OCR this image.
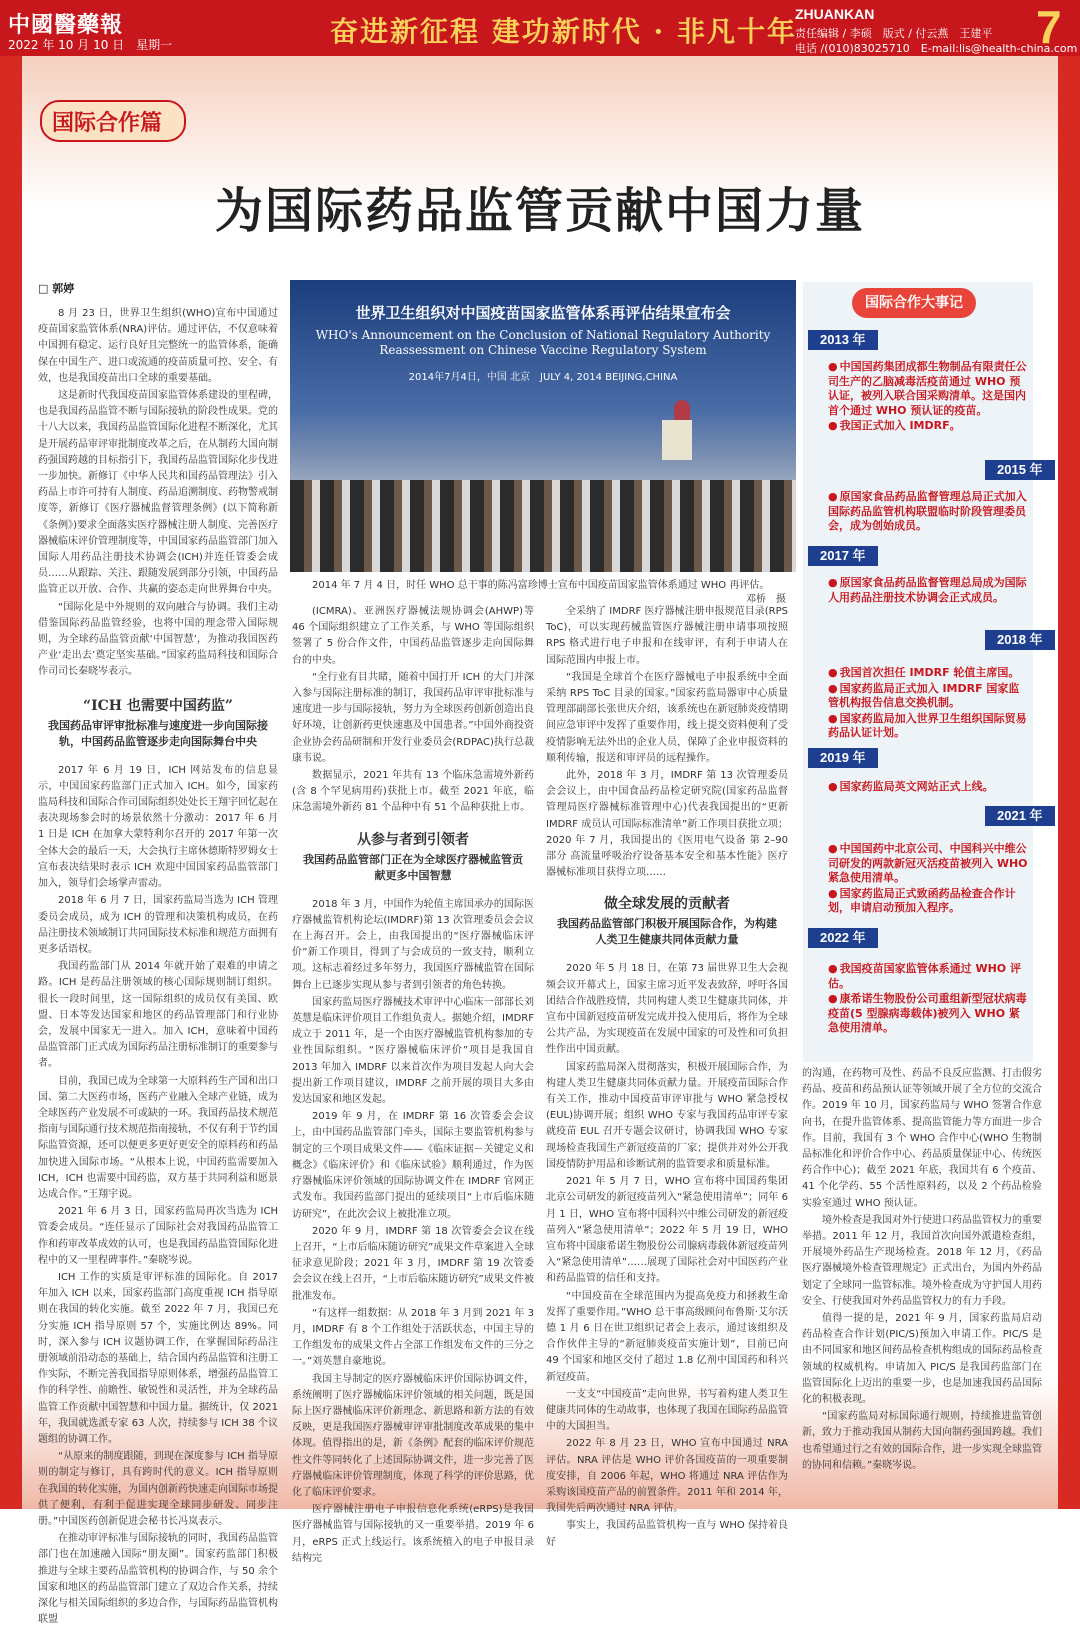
中國醫藥報
2022 年 10 月 10 日　星期一	奋进新征程 建功新时代 · 非凡十年
ZHUANKAN
责任编辑 / 李硕　版式 / 付云燕　王建平
电话 /(010)83025710　E-mail:lis@health-china.com
7
国际合作篇
为国际药品监管贡献中国力量
□ 郭婷

8 月 23 日，世界卫生组织(WHO)宣布中国通过疫苗国家监管体系(NRA)评估。通过评估，不仅意味着中国拥有稳定、运行良好且完整统一的监管体系，能确保在中国生产、进口或流通的疫苗质量可控、安全、有效，也是我国疫苗出口全球的重要基础。

这是新时代我国疫苗国家监管体系建设的里程碑，也是我国药品监管不断与国际接轨的阶段性成果。党的十八大以来，我国药品监管国际化进程不断深化，尤其是开展药品审评审批制度改革之后，在从制药大国向制药强国跨越的目标指引下，我国药品监管国际化步伐进一步加快。新修订《中华人民共和国药品管理法》引入药品上市许可持有人制度、药品追溯制度、药物警戒制度等，新修订《医疗器械监督管理条例》(以下简称新《条例》)要求全面落实医疗器械注册人制度、完善医疗器械临床评价管理制度等，中国国家药品监管部门加入国际人用药品注册技术协调会(ICH)并连任管委会成员……从跟踪、关注、跟随发展到部分引领，中国药品监管正以开放、合作、共赢的姿态走向世界舞台中央。

“国际化是中外规则的双向融合与协调。我们主动借鉴国际药品监管经验，也将中国的理念带入国际规则，为全球药品监管贡献‘中国智慧’，为推动我国医药产业‘走出去’奠定坚实基础。”国家药监局科技和国际合作司司长秦晓岑表示。

“ICH 也需要中国药监”
我国药品审评审批标准与速度进一步向国际接轨，中国药品监管逐步走向国际舞台中央

2017 年 6 月 19 日，ICH 网站发布的信息显示，中国国家药监部门正式加入 ICH。如今，国家药监局科技和国际合作司国际组织处处长王翔宇回忆起在表决现场参会时的场景依然十分激动：2017 年 6 月 1 日是 ICH 在加拿大蒙特利尔召开的 2017 年第一次全体大会的最后一天，大会执行主席休德斯特罗姆女士宣布表决结果时表示 ICH 欢迎中国国家药品监管部门加入，领导们会场掌声雷动。

2018 年 6 月 7 日，国家药监局当选为 ICH 管理委员会成员，成为 ICH 的管理和决策机构成员，在药品注册技术领域制订共同国际技术标准和规范方面拥有更多话语权。

我国药监部门从 2014 年就开始了艰难的申请之路。ICH 是药品注册领域的核心国际规则制订组织。很长一段时间里，这一国际组织的成员仅有美国、欧盟、日本等发达国家和地区的药品管理部门和行业协会，发展中国家无一进入。加入 ICH，意味着中国药品监管部门正式成为国际药品注册标准制订的重要参与者。

目前，我国已成为全球第一大原料药生产国和出口国、第二大医药市场，医药产业融入全球产业链，成为全球医药产业发展不可或缺的一环。我国药品技术规范指南与国际通行技术规范指南接轨，不仅有利于节约国际监管资源，还可以便更多更好更安全的原料药和药品加快进入国际市场。“从根本上说，中国药监需要加入 ICH，ICH 也需要中国药监，双方基于共同利益和愿景达成合作。”王翔宇说。

2021 年 6 月 3 日，国家药监局再次当选为 ICH 管委会成员。“连任显示了国际社会对我国药品监管工作和药审改革成效的认可，也是我国药品监管国际化进程中的又一里程碑事件。”秦晓岑说。

ICH 工作的实质是审评标准的国际化。自 2017 年加入 ICH 以来，国家药监部门高度重视 ICH 指导原则在我国的转化实施。截至 2022 年 7 月，我国已充分实施 ICH 指导原则 57 个，实施比例达 89%。同时，深入参与 ICH 议题协调工作，在掌握国际药品注册领域前沿动态的基础上，结合国内药品监管和注册工作实际，不断完善我国指导原则体系，增强药品监管工作的科学性、前瞻性、敏锐性和灵活性，并为全球药品监管工作贡献中国智慧和中国力量。据统计，仅 2021 年，我国就选派专家 63 人次，持续参与 ICH 38 个议题组的协调工作。

“从原来的制度跟随，到现在深度参与 ICH 指导原则的制定与修订，具有跨时代的意义。ICH 指导原则在我国的转化实施，为国内创新药快速走向国际市场提供了便利，有利于促进实现全球同步研发、同步注册。”中国医药创新促进会秘书长冯岚表示。

在推动审评标准与国际接轨的同时，我国药品监管部门也在加速融入国际“朋友圈”。国家药监部门积极推进与全球主要药品监管机构的协调合作，与 50 余个国家和地区的药品监管部门建立了双边合作关系，持续深化与相关国际组织的多边合作，与国际药品监管机构联盟

世界卫生组织对中国疫苗国家监管体系再评估结果宣布会
WHO's Announcement on the Conclusion of National Regulatory Authority Reassessment on Chinese Vaccine Regulatory System
2014年7月4日，中国 北京　JULY 4, 2014 BEIJING,CHINA
2014 年 7 月 4 日，时任 WHO 总干事的陈冯富珍博士宣布中国疫苗国家监管体系通过 WHO 再评估。
邓桥　摄

(ICMRA)、亚洲医疗器械法规协调会(AHWP)等 46 个国际组织建立了工作关系，与 WHO 等国际组织签署了 5 份合作文件，中国药品监管逐步走向国际舞台的中央。

“全行业有目共睹，随着中国打开 ICH 的大门并深入参与国际注册标准的制订，我国药品审评审批标准与速度进一步与国际接轨，努力为全球医药创新创造出良好环境，让创新药更快速惠及中国患者。”中国外商投资企业协会药品研制和开发行业委员会(RDPAC)执行总裁康韦说。

数据显示，2021 年共有 13 个临床急需境外新药(含 8 个罕见病用药)获批上市。截至 2021 年底，临床急需境外新药 81 个品种中有 51 个品种获批上市。

从参与者到引领者
我国药品监管部门正在为全球医疗器械监管贡献更多中国智慧

2018 年 3 月，中国作为轮值主席国承办的国际医疗器械监管机构论坛(IMDRF)第 13 次管理委员会会议在上海召开。会上，由我国提出的“医疗器械临床评价”新工作项目，得到了与会成员的一致支持，顺利立项。这标志着经过多年努力，我国医疗器械监管在国际舞台上已逐步实现从参与者到引领者的角色转换。

国家药监局医疗器械技术审评中心临床一部部长刘英慧是临床评价项目工作组负责人。据她介绍，IMDRF 成立于 2011 年，是一个由医疗器械监管机构参加的专业性国际组织。“医疗器械临床评价”项目是我国自 2013 年加入 IMDRF 以来首次作为项目发起人向大会提出新工作项目建议，IMDRF 之前开展的项目大多由发达国家和地区发起。

2019 年 9 月，在 IMDRF 第 16 次管委会会议上，由中国药品监管部门牵头，国际主要监管机构参与制定的三个项目成果文件——《临床证据－关键定义和概念》《临床评价》和《临床试验》顺利通过，作为医疗器械临床评价领域的国际协调文件在 IMDRF 官网正式发布。我国药监部门提出的延续项目“上市后临床随访研究”，在此次会议上被批准立项。

2020 年 9 月，IMDRF 第 18 次管委会会议在线上召开，“上市后临床随访研究”成果文件草案进入全球征求意见阶段；2021 年 3 月，IMDRF 第 19 次管委会会议在线上召开，“上市后临床随访研究”成果文件被批准发布。

“有这样一组数据：从 2018 年 3 月到 2021 年 3 月，IMDRF 有 8 个工作组处于活跃状态，中国主导的工作组发布的成果文件占全部工作组发布文件的三分之一。”刘英慧自豪地说。

我国主导制定的医疗器械临床评价国际协调文件，系统阐明了医疗器械临床评价领域的相关问题，既是国际上医疗器械临床评价新理念、新思路和新方法的有效反映，更是我国医疗器械审评审批制度改革成果的集中体现。值得指出的是，新《条例》配套的临床评价规范性文件等同转化了上述国际协调文件，进一步完善了医疗器械临床评价管理制度，体现了科学的评价思路，优化了临床评价要求。

医疗器械注册电子申报信息化系统(eRPS)是我国医疗器械监管与国际接轨的又一重要举措。2019 年 6 月，eRPS 正式上线运行。该系统植入的电子申报目录结构完

全采纳了 IMDRF 医疗器械注册申报规范目录(RPS ToC)，可以实现药械监管医疗器械注册申请事项按照 RPS 格式进行电子申报和在线审评，有利于申请人在国际范围内申报上市。

“我国是全球首个在医疗器械电子申报系统中全面采纳 RPS ToC 目录的国家。”国家药监局器审中心质量管理部副部长张世庆介绍，该系统也在新冠肺炎疫情期间应急审评中发挥了重要作用，线上提交资料便利了受疫情影响无法外出的企业人员，保障了企业申报资料的顺利传输，报送和审评员的远程操作。

此外，2018 年 3 月，IMDRF 第 13 次管理委员会会议上，由中国食品药品检定研究院(国家药品监督管理局医疗器械标准管理中心)代表我国提出的“更新 IMDRF 成员认可国际标准清单”新工作项目获批立项；2020 年 7 月，我国提出的《医用电气设备 第 2–90 部分 高流量呼吸治疗设备基本安全和基本性能》医疗器械标准项目获得立项……

做全球发展的贡献者
我国药品监管部门积极开展国际合作，为构建人类卫生健康共同体贡献力量

2020 年 5 月 18 日，在第 73 届世界卫生大会视频会议开幕式上，国家主席习近平发表致辞，呼吁各国团结合作战胜疫情，共同构建人类卫生健康共同体，并宣布中国新冠疫苗研发完成并投入使用后，将作为全球公共产品，为实现疫苗在发展中国家的可及性和可负担性作出中国贡献。

国家药监局深入贯彻落实，积极开展国际合作，为构建人类卫生健康共同体贡献力量。开展疫苗国际合作有关工作，推动中国疫苗审评审批与 WHO 紧急授权(EUL)协调开展；组织 WHO 专家与我国药品审评专家就疫苗 EUL 召开专题会议研讨，协调我国 WHO 专家现场检查我国生产新冠疫苗的厂家；提供并对外公开我国疫情防护用品和诊断试剂的监管要求和质量标准。

2021 年 5 月 7 日，WHO 宣布将中国国药集团北京公司研发的新冠疫苗列入“紧急使用清单”；同年 6 月 1 日，WHO 宣布将中国科兴中维公司研发的新冠疫苗列入“紧急使用清单”；2022 年 5 月 19 日，WHO 宣布将中国康希诺生物股份公司腺病毒载体新冠疫苗列入“紧急使用清单”……展现了国际社会对中国医药产业和药品监管的信任和支持。

“中国疫苗在全球范围内为提高免疫力和拯救生命发挥了重要作用。”WHO 总干事高级顾问布鲁斯·艾尔沃德 1 月 6 日在世卫组织记者会上表示，通过该组织及合作伙伴主导的“新冠肺炎疫苗实施计划”，目前已向 49 个国家和地区交付了超过 1.8 亿剂中国国药和科兴新冠疫苗。

一支支“中国疫苗”走向世界，书写着构建人类卫生健康共同体的生动故事，也体现了我国在国际药品监管中的大国担当。

2022 年 8 月 23 日，WHO 宣布中国通过 NRA 评估。NRA 评估是 WHO 评价各国疫苗的一项重要制度安排，自 2006 年起，WHO 将通过 NRA 评估作为采购该国疫苗产品的前置条件。2011 年和 2014 年，我国先后两次通过 NRA 评估。

事实上，我国药品监管机构一直与 WHO 保持着良好

的沟通，在药物可及性、药品不良反应监测、打击假劣药品、疫苗和药品预认证等领域开展了全方位的交流合作。2019 年 10 月，国家药监局与 WHO 签署合作意向书，在提升监管体系、提高监管能力等方面进一步合作。目前，我国有 3 个 WHO 合作中心(WHO 生物制品标准化和评价合作中心、药品质量保证中心、传统医药合作中心)；截至 2021 年底，我国共有 6 个疫苗、41 个化学药、55 个活性原料药，以及 2 个药品检验实验室通过 WHO 预认证。

境外检查是我国对外行使进口药品监管权力的重要举措。2011 年 12 月，我国首次向国外派遣检查组，开展境外药品生产现场检查。2018 年 12 月，《药品医疗器械境外检查管理规定》正式出台，为国内外药品划定了全球同一监管标准。境外检查成为守护国人用药安全、行使我国对外药品监管权力的有力手段。

值得一提的是，2021 年 9 月，国家药监局启动药品检查合作计划(PIC/S)预加入申请工作。PIC/S 是由不同国家和地区间药品检查机构组成的国际药品检查领域的权威机构。申请加入 PIC/S 是我国药监部门在监管国际化上迈出的重要一步，也是加速我国药品国际化的积极表现。

“国家药监局对标国际通行规则，持续推进监管创新，致力于推动我国从制药大国向制药强国跨越。我们也希望通过行之有效的国际合作，进一步实现全球监管的协同和信赖。”秦晓岑说。

国际合作大事记
2013 年
● 中国国药集团成都生物制品有限责任公司生产的乙脑减毒活疫苗通过 WHO 预认证，被列入联合国采购清单。这是国内首个通过 WHO 预认证的疫苗。
● 我国正式加入 IMDRF。
2015 年
● 原国家食品药品监督管理总局正式加入国际药品监管机构联盟临时阶段管理委员会，成为创始成员。
2017 年
● 原国家食品药品监督管理总局成为国际人用药品注册技术协调会正式成员。
2018 年
● 我国首次担任 IMDRF 轮值主席国。
● 国家药监局正式加入 IMDRF 国家监管机构报告信息交换机制。
● 国家药监局加入世界卫生组织国际贸易药品认证计划。
2019 年
● 国家药监局英文网站正式上线。
2021 年
● 中国国药中北京公司、中国科兴中维公司研发的两款新冠灭活疫苗被列入 WHO 紧急使用清单。
● 国家药监局正式致函药品检查合作计划，申请启动预加入程序。
2022 年
● 我国疫苗国家监管体系通过 WHO 评估。
● 康希诺生物股份公司重组新型冠状病毒疫苗(5 型腺病毒载体)被列入 WHO 紧急使用清单。
